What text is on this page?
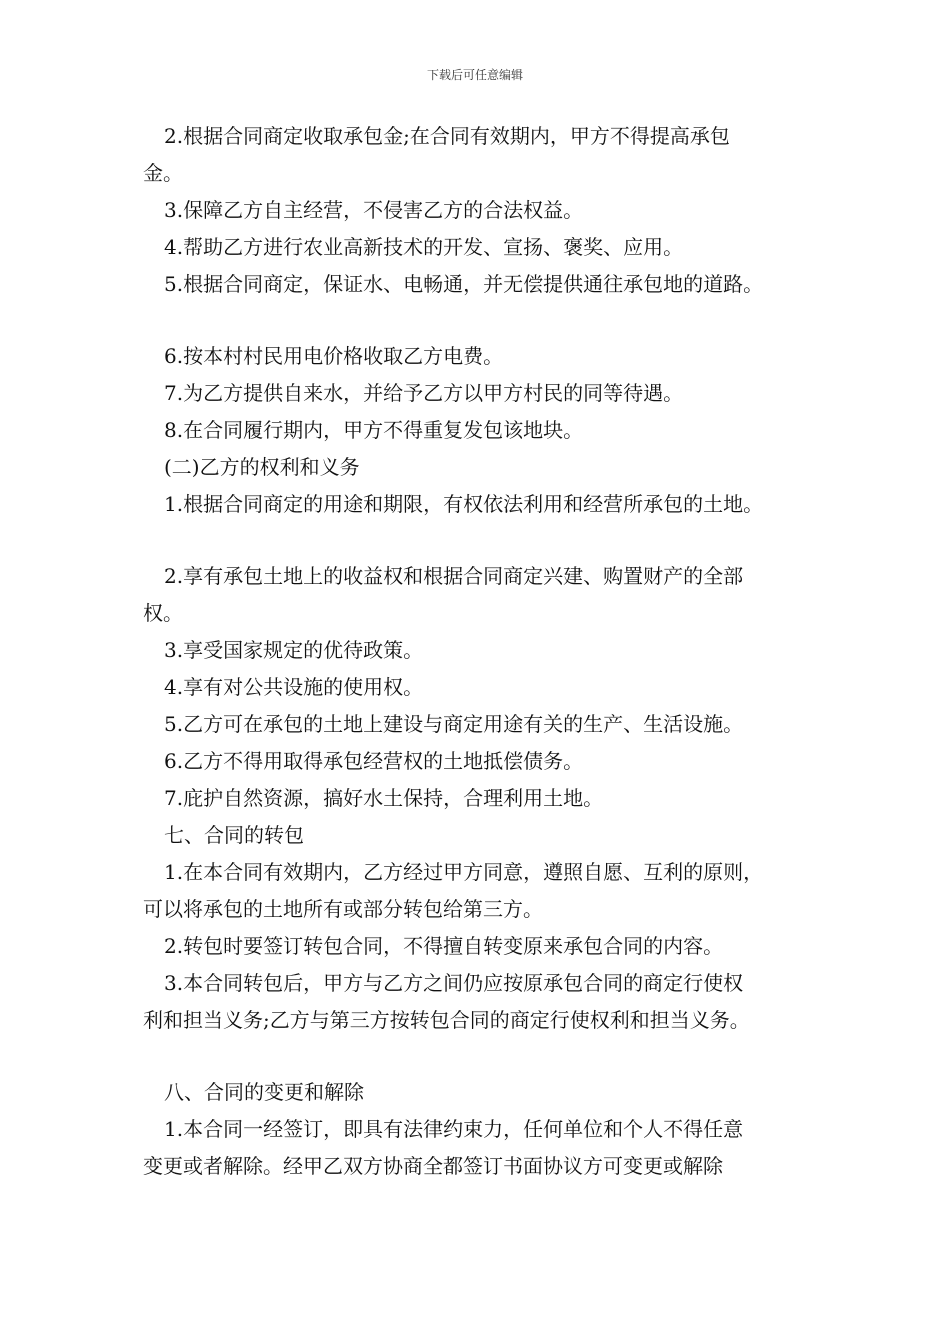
下载后可任意编辑
2.根据合同商定收取承包金;在合同有效期内，甲方不得提高承包
金。
3.保障乙方自主经营，不侵害乙方的合法权益。
4.帮助乙方进行农业高新技术的开发、宣扬、褒奖、应用。
5.根据合同商定，保证水、电畅通，并无偿提供通往承包地的道路。
6.按本村村民用电价格收取乙方电费。
7.为乙方提供自来水，并给予乙方以甲方村民的同等待遇。
8.在合同履行期内，甲方不得重复发包该地块。
(二)乙方的权利和义务
1.根据合同商定的用途和期限，有权依法利用和经营所承包的土地。
2.享有承包土地上的收益权和根据合同商定兴建、购置财产的全部
权。
3.享受国家规定的优待政策。
4.享有对公共设施的使用权。
5.乙方可在承包的土地上建设与商定用途有关的生产、生活设施。
6.乙方不得用取得承包经营权的土地抵偿债务。
7.庇护自然资源，搞好水土保持，合理利用土地。
七、合同的转包
1.在本合同有效期内，乙方经过甲方同意，遵照自愿、互利的原则，
可以将承包的土地所有或部分转包给第三方。
2.转包时要签订转包合同，不得擅自转变原来承包合同的内容。
3.本合同转包后，甲方与乙方之间仍应按原承包合同的商定行使权
利和担当义务;乙方与第三方按转包合同的商定行使权利和担当义务。
八、合同的变更和解除
1.本合同一经签订，即具有法律约束力，任何单位和个人不得任意
变更或者解除。经甲乙双方协商全都签订书面协议方可变更或解除
